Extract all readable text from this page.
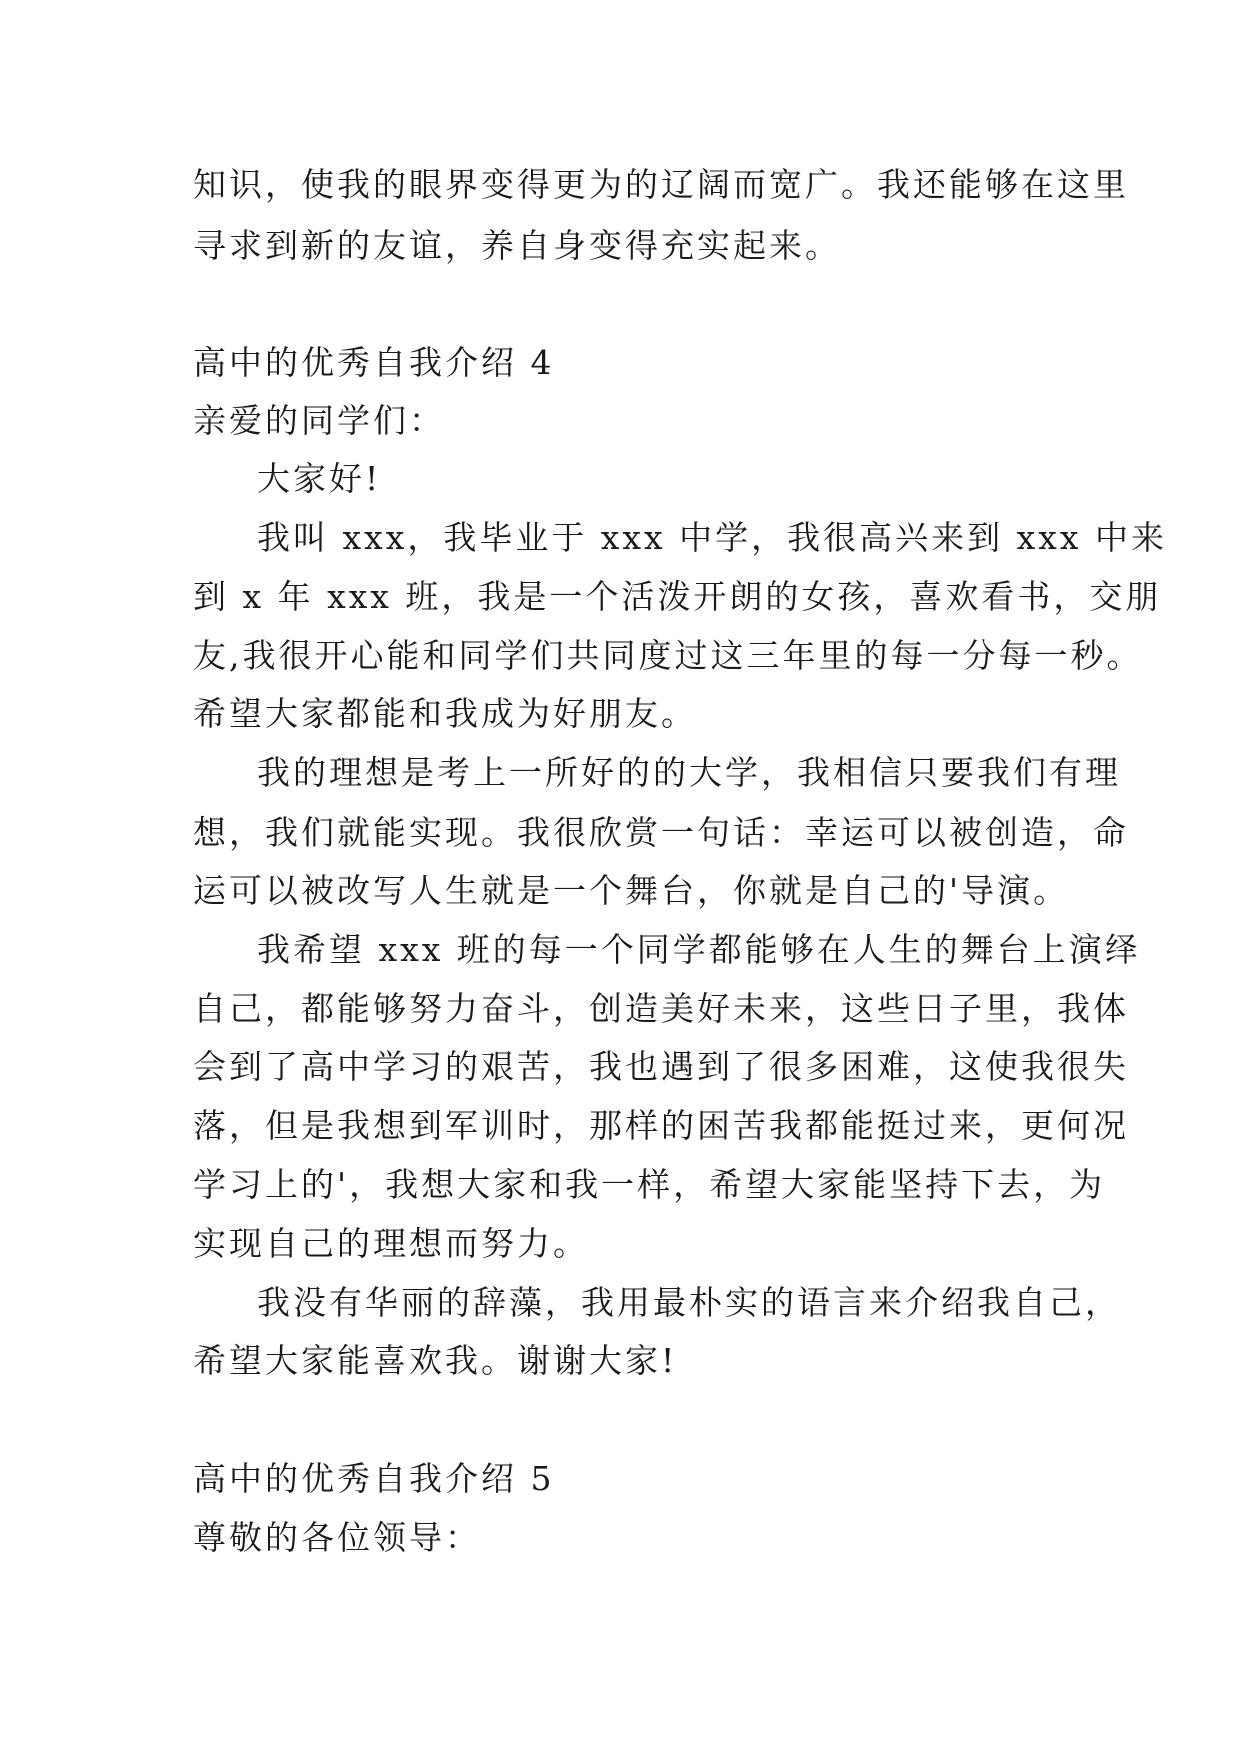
知识，使我的眼界变得更为的辽阔而宽广。我还能够在这里
寻求到新的友谊，养自身变得充实起来。
高中的优秀自我介绍 4
亲爱的同学们：
大家好!
我叫 xxx，我毕业于 xxx 中学，我很高兴来到 xxx 中来
到 x 年 xxx 班，我是一个活泼开朗的女孩，喜欢看书，交朋
友,我很开心能和同学们共同度过这三年里的每一分每一秒。
希望大家都能和我成为好朋友。
我的理想是考上一所好的的大学，我相信只要我们有理
想，我们就能实现。我很欣赏一句话：幸运可以被创造，命
运可以被改写人生就是一个舞台，你就是自己的'导演。
我希望 xxx 班的每一个同学都能够在人生的舞台上演绎
自己，都能够努力奋斗，创造美好未来，这些日子里，我体
会到了高中学习的艰苦，我也遇到了很多困难，这使我很失
落，但是我想到军训时，那样的困苦我都能挺过来，更何况
学习上的'，我想大家和我一样，希望大家能坚持下去，为
实现自己的理想而努力。
我没有华丽的辞藻，我用最朴实的语言来介绍我自己，
希望大家能喜欢我。谢谢大家!
高中的优秀自我介绍 5
尊敬的各位领导：
